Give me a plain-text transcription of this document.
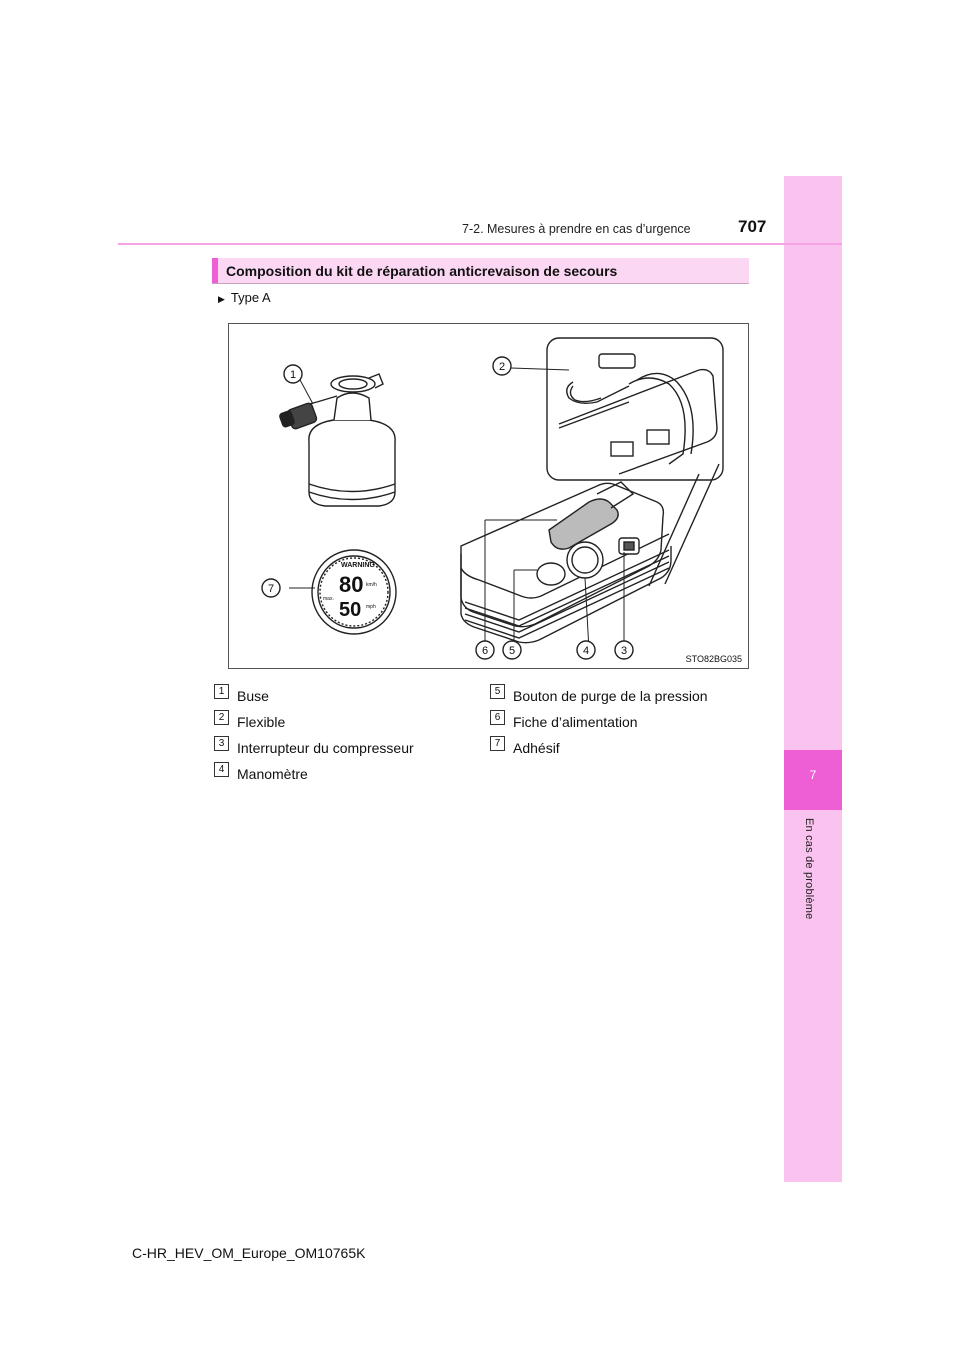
7
En cas de problème
7-2. Mesures à prendre en cas d’urgence	707
Composition du kit de réparation anticrevaison de secours
▶ Type A
80
50
WARNING
max.
km/h
mph
1
2
3
4
5
6
7
STO82BG035
1 Buse
2 Flexible
3 Interrupteur du compresseur
4 Manomètre
5 Bouton de purge de la pression
6 Fiche d’alimentation
7 Adhésif
C-HR_HEV_OM_Europe_OM10765K
